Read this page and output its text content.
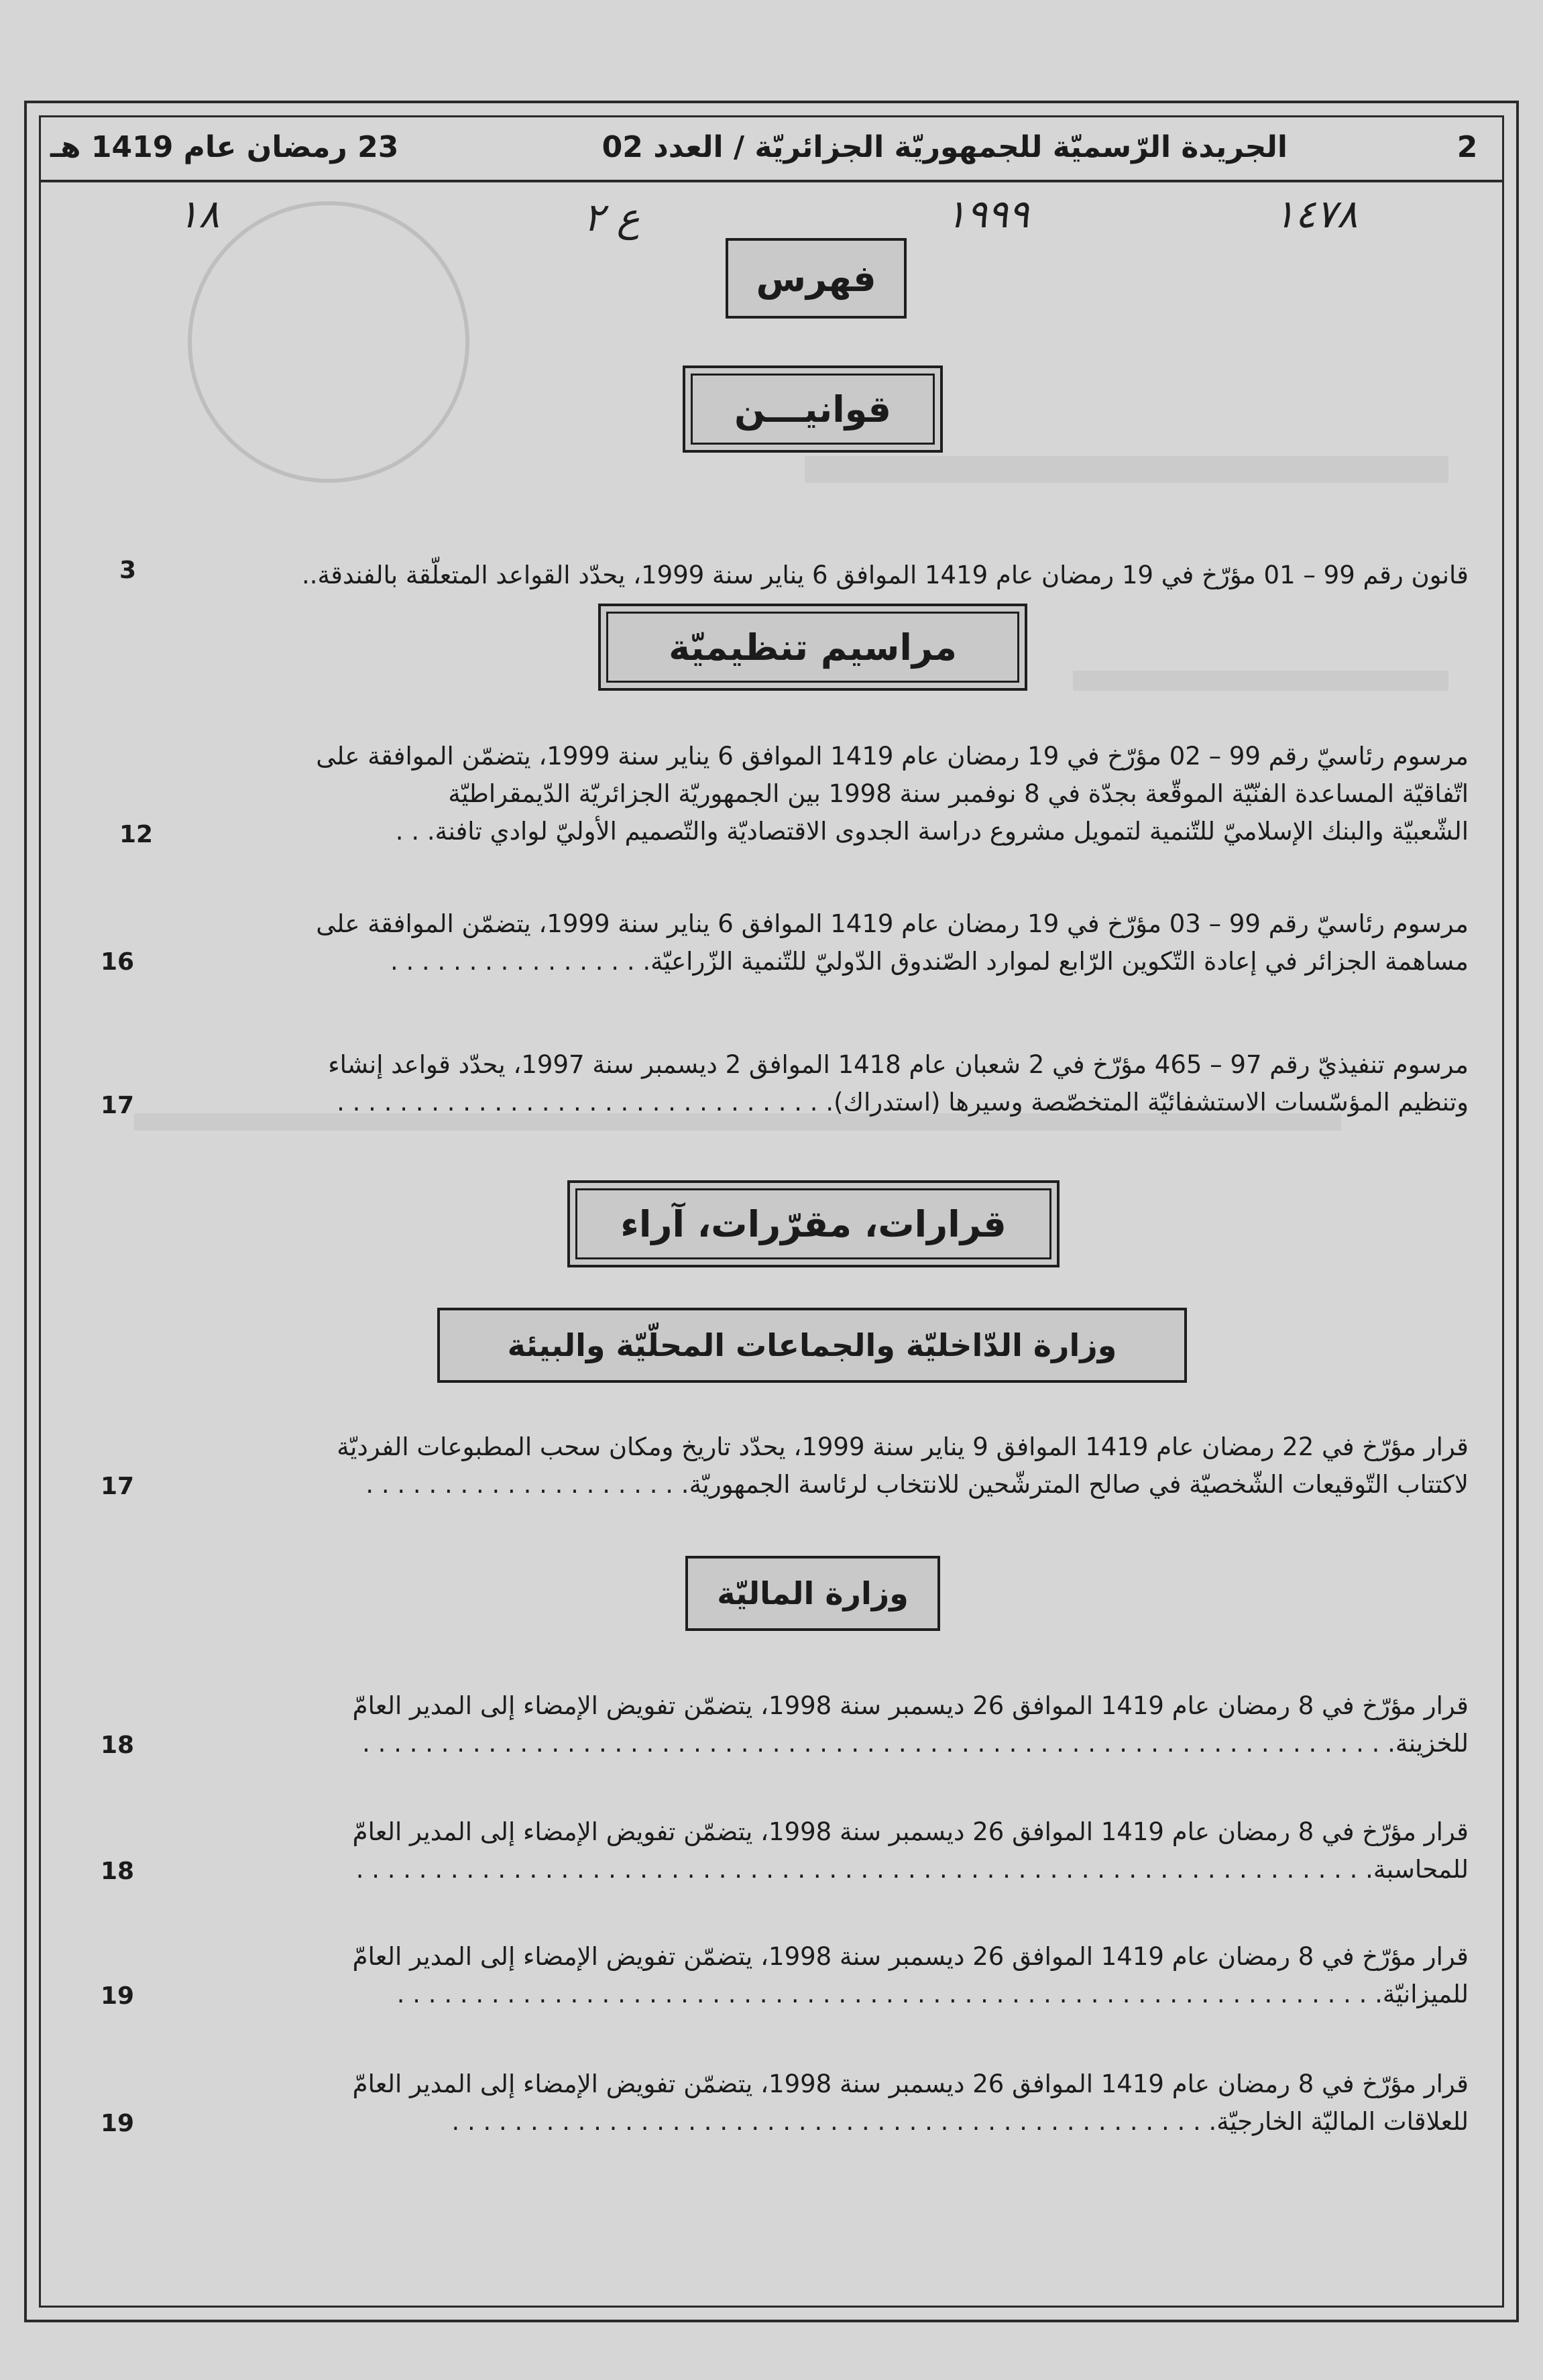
2
الجريدة الرّسميّة للجمهوريّة الجزائريّة / العدد 02
23 رمضان عام 1419 هـ
١٤٧٨
١٩٩٩
ع ٢
١٨
فهرس
قوانيـــن
قانون رقم 99 – 01 مؤرّخ في 19 رمضان عام 1419 الموافق 6 يناير سنة 1999، يحدّد القواعد المتعلّقة بالفندقة..
3
مراسيم تنظيميّة
مرسوم رئاسيّ رقم 99 – 02 مؤرّخ في 19 رمضان عام 1419 الموافق 6 يناير سنة 1999، يتضمّن الموافقة على
اتّفاقيّة المساعدة الفنّيّة الموقّعة بجدّة في 8 نوفمبر سنة 1998 بين الجمهوريّة الجزائريّة الدّيمقراطيّة
الشّعبيّة والبنك الإسلاميّ للتّنمية لتمويل مشروع دراسة الجدوى الاقتصاديّة والتّصميم الأوليّ لوادي تافنة. . .
12
مرسوم رئاسيّ رقم 99 – 03 مؤرّخ في 19 رمضان عام 1419 الموافق 6 يناير سنة 1999، يتضمّن الموافقة على
مساهمة الجزائر في إعادة التّكوين الرّابع لموارد الصّندوق الدّوليّ للتّنمية الزّراعيّة. . . . . . . . . . . . . . . . .
16
مرسوم تنفيذيّ رقم 97 – 465 مؤرّخ في 2 شعبان عام 1418 الموافق 2 ديسمبر سنة 1997، يحدّد قواعد إنشاء
وتنظيم المؤسّسات الاستشفائيّة المتخصّصة وسيرها (استدراك). . . . . . . . . . . . . . . . . . . . . . . . . . . . . . . .
17
قرارات، مقرّرات، آراء
وزارة الدّاخليّة والجماعات المحلّيّة والبيئة
قرار مؤرّخ في 22 رمضان عام 1419 الموافق 9 يناير سنة 1999، يحدّد تاريخ ومكان سحب المطبوعات الفرديّة
لاكتتاب التّوقيعات الشّخصيّة في صالح المترشّحين للانتخاب لرئاسة الجمهوريّة. . . . . . . . . . . . . . . . . . . . .
17
وزارة الماليّة
قرار مؤرّخ في 8 رمضان عام 1419 الموافق 26 ديسمبر سنة 1998، يتضمّن تفويض الإمضاء إلى المدير العامّ
للخزينة. . . . . . . . . . . . . . . . . . . . . . . . . . . . . . . . . . . . . . . . . . . . . . . . . . . . . . . . . . . . . . . . . .
18
قرار مؤرّخ في 8 رمضان عام 1419 الموافق 26 ديسمبر سنة 1998، يتضمّن تفويض الإمضاء إلى المدير العامّ
للمحاسبة. . . . . . . . . . . . . . . . . . . . . . . . . . . . . . . . . . . . . . . . . . . . . . . . . . . . . . . . . . . . . . . . .
18
قرار مؤرّخ في 8 رمضان عام 1419 الموافق 26 ديسمبر سنة 1998، يتضمّن تفويض الإمضاء إلى المدير العامّ
للميزانيّة. . . . . . . . . . . . . . . . . . . . . . . . . . . . . . . . . . . . . . . . . . . . . . . . . . . . . . . . . . . . . . .
19
قرار مؤرّخ في 8 رمضان عام 1419 الموافق 26 ديسمبر سنة 1998، يتضمّن تفويض الإمضاء إلى المدير العامّ
للعلاقات الماليّة الخارجيّة. . . . . . . . . . . . . . . . . . . . . . . . . . . . . . . . . . . . . . . . . . . . . . . . .
19
